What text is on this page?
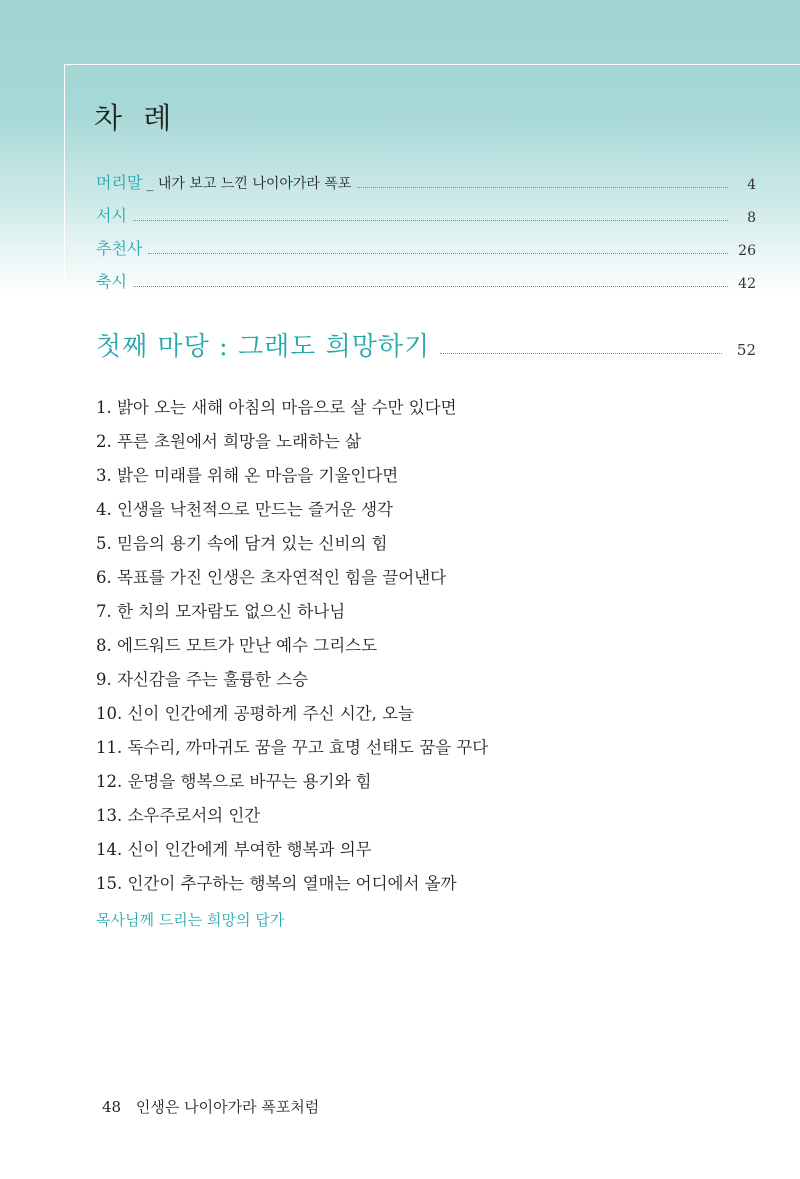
차 례
머리말 _ 내가 보고 느낀 나이아가라 폭포	4
서시	8
추천사	26
축시	42
첫째 마당 : 그래도 희망하기	52
1. 밝아 오는 새해 아침의 마음으로 살 수만 있다면
2. 푸른 초원에서 희망을 노래하는 삶
3. 밝은 미래를 위해 온 마음을 기울인다면
4. 인생을 낙천적으로 만드는 즐거운 생각
5. 믿음의 용기 속에 담겨 있는 신비의 힘
6. 목표를 가진 인생은 초자연적인 힘을 끌어낸다
7. 한 치의 모자람도 없으신 하나님
8. 에드워드 모트가 만난 예수 그리스도
9. 자신감을 주는 훌륭한 스승
10. 신이 인간에게 공평하게 주신 시간, 오늘
11. 독수리, 까마귀도 꿈을 꾸고 효명 선태도 꿈을 꾸다
12. 운명을 행복으로 바꾸는 용기와 힘
13. 소우주로서의 인간
14. 신이 인간에게 부여한 행복과 의무
15. 인간이 추구하는 행복의 열매는 어디에서 올까
목사님께 드리는 희망의 답가
48 인생은 나이아가라 폭포처럼
